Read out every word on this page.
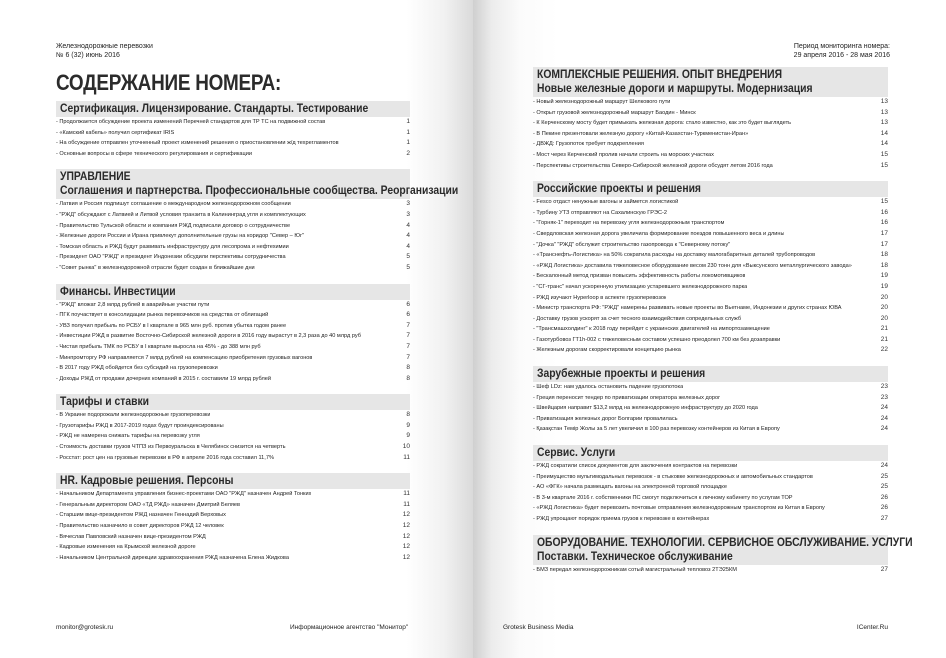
Железнодорожные перевозки
№ 6 (32) июнь 2016
СОДЕРЖАНИЕ НОМЕРА:
Сертификация. Лицензирование. Стандарты. Тестирование
- Продолжается обсуждение проекта изменений Перечней стандартов для ТР ТС на подвижной состав	1
- «Камский кабель» получил сертификат IRIS	1
- На обсуждение отправлен уточненный проект изменений решения о приостановлении ж/д техрегламентов	1
- Основные вопросы в сфере технического регулирования и сертификации	2
УПРАВЛЕНИЕ
Соглашения и партнерства. Профессиональные сообщества. Реорганизации
- Латвия и Россия подпишут соглашение о международном железнодорожном сообщении	3
- "РЖД" обсуждают с Латвией и Литвой условия транзита в Калининград угля и комплектующих	3
- Правительство Тульской области и компания РЖД подписали договор о сотрудничестве	4
- Железные дороги России и Ирана привлекут дополнительные грузы на коридор "Север – Юг"	4
- Томская область и РЖД будут развивать инфраструктуру для лесопрома и нефтехимии	4
- Президент ОАО "РЖД" и президент Индонезии обсудили перспективы сотрудничества	5
- "Совет рынка" в железнодорожной отрасли будет создан в ближайшие дни	5
Финансы. Инвестиции
- "РЖД" вложат 2,8 млрд рублей в аварийные участки пути	6
- ПГК поучаствует в консолидации рынка перевозчиков на средства от облигаций	6
- УВЗ получил прибыль по РСБУ в I квартале в 965 млн руб. против убытка годом ранее	7
- Инвестиции РЖД в развитие Восточно-Сибирской железной дороги в 2016 году вырастут в 2,3 раза до 40 млрд руб	7
- Чистая прибыль ТМК по РСБУ в I квартале выросла на 45% - до 388 млн руб	7
- Минпромторгу РФ направляется 7 млрд рублей на компенсацию приобретения грузовых вагонов	7
- В 2017 году РЖД обойдется без субсидий на грузоперевозки	8
- Доходы РЖД от продажи дочерних компаний в 2015 г. составили 19 млрд рублей	8
Тарифы и ставки
- В Украине подорожали железнодорожные грузоперевозки	8
- Грузотарифы РЖД в 2017-2019 годах будут проиндексированы	9
- РЖД не намерена снижать тарифы на перевозку угля	9
- Стоимость доставки грузов ЧТПЗ из Первоуральска в Челябинск снизится на четверть	10
- Росстат: рост цен на грузовые перевозки в РФ в апреле 2016 года составил 11,7%	11
HR. Кадровые решения. Персоны
- Начальником Департамента управления бизнес-проектами ОАО "РЖД" назначен Андрей Тонких	11
- Генеральным директором ОАО «ТД РЖД» назначен Дмитрий Беляев	11
- Старшим вице-президентом РЖД назначен Геннадий Верховых	12
- Правительство назначило в совет директоров РЖД 12 человек	12
- Вячеслав Павловский назначен вице-президентом РЖД	12
- Кадровые изменения на Крымской железной дороге	12
- Начальником Центральной дирекции здравоохранения РЖД назначена Елена Жидкова	12
monitor@grotesk.ru	Информационное агентство "Монитор"
Период мониторинга номера:
29 апреля 2016 - 28 мая 2016
КОМПЛЕКСНЫЕ РЕШЕНИЯ. ОПЫТ ВНЕДРЕНИЯ
Новые железные дороги и маршруты. Модернизация
- Новый железнодорожный маршрут Шелкового пути	13
- Открыт грузовой железнодорожный маршрут Баодин - Минск	13
- К Керченскому мосту будет примыкать железная дорога: стало известно, как это будет выглядеть	13
- В Пекине презентовали железную дорогу «Китай-Казахстан-Туркменистан-Иран»	14
- ДВЖД: Грузопоток требует подкрепления	14
- Мост через Керченский пролив начали строить на морских участках	15
- Перспективы строительства Северо-Сибирской железной дороги обсудят летом 2016 года	15
Российские проекты и решения
- Fesco отдаст ненужные вагоны и займется логистикой	15
- Турбину УТЗ отправляют на Сахалинскую ГРЭС-2	16
- "Горняк-1" переходит на перевозку угля железнодорожным транспортом	16
- Свердловская железная дорога увеличила формирование поездов повышенного веса и длины	17
- "Дочка" "РЖД" обслужит строительство газопровода к "Северному потоку"	17
- «Транснефть-Логистика» на 50% сократила расходы на доставку малогабаритных деталей трубопроводов	18
- «РЖД Логистика» доставила тяжеловесное оборудование весом 230 тонн для «Выксунского металлургического завода»	18
- Бескалонный метод призван повысить эффективность работы локомотивщиков	19
- "СГ-транс" начал ускоренную утилизацию устаревшего железнодорожного парка	19
- РЖД изучают Hyperloop в аспекте грузоперевозок	20
- Министр транспорта РФ: "РЖД" намерены развивать новые проекты во Вьетнаме, Индонезии и других странах ЮВА	20
- Доставку грузов ускорят за счет тесного взаимодействия сопредельных служб	20
- "Трансмашхолдинг" к 2018 году перейдет с украинских двигателей на импортозамещение	21
- Газотурбовоз ГТ1h-002 с тяжеловесным составом успешно преодолел 700 км без дозаправки	21
- Железным дорогам скорректировали концепцию рынка	22
Зарубежные проекты и решения
- Шеф LDz: нам удалось остановить падение грузопотока	23
- Греция переносит тендер по приватизации оператора железных дорог	23
- Швейцария направит $13,2 млрд на железнодорожную инфраструктуру до 2020 года	24
- Приватизация железных дорог Болгарии провалилась	24
- Қазақстан Темір Жолы за 5 лет увеличил в 100 раз перевозку контейнеров из Китая в Европу	24
Сервис. Услуги
- РЖД сократили список документов для заключения контрактов на перевозки	24
- Преимущество мультимодальных перевозок - в стыковке железнодорожных и автомобильных стандартов	25
- АО «ФГК» начала размещать вагоны на электронной торговой площадке	25
- В 3-м квартале 2016 г. собственники ПС смогут подключиться к личному кабинету по услугам ТОР	26
- «РЖД Логистика» будет перевозить почтовые отправления железнодорожным транспортом из Китая в Европу	26
- РЖД упрощают порядок приема грузов к перевозке в контейнерах	27
ОБОРУДОВАНИЕ. ТЕХНОЛОГИИ. СЕРВИСНОЕ ОБСЛУЖИВАНИЕ. УСЛУГИ
Поставки. Техническое обслуживание
- БМЗ передал железнодорожникам сотый магистральный тепловоз 2ТЭ25КМ	27
Grotesk Business Media	ICenter.Ru
